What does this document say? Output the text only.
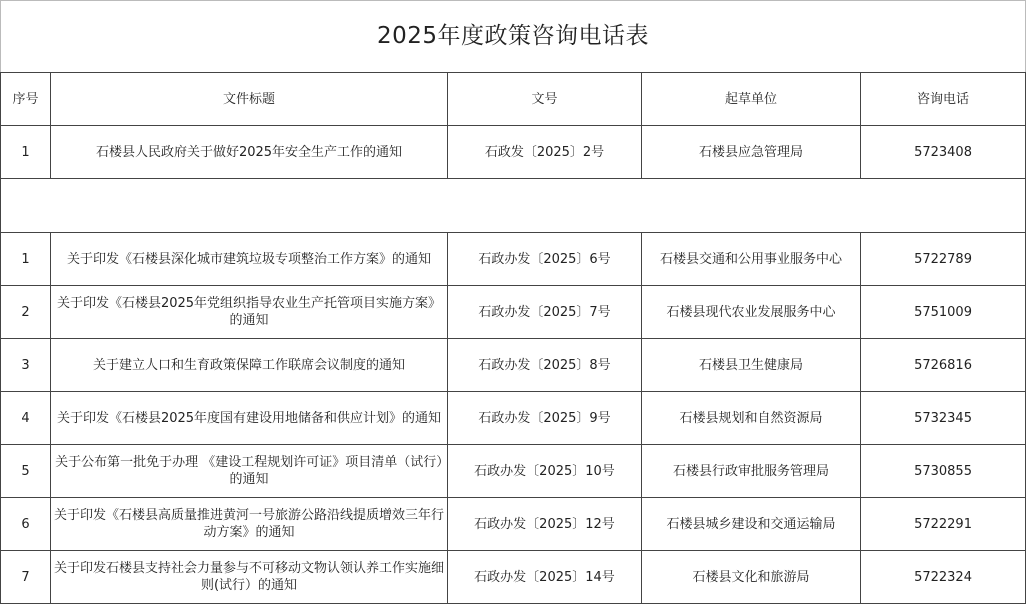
2025年度政策咨询电话表				
序号	文件标题	文号	起草单位	咨询电话
1	石楼县人民政府关于做好2025年安全生产工作的通知	石政发〔2025〕2号	石楼县应急管理局	5723408

1	关于印发《石楼县深化城市建筑垃圾专项整治工作方案》的通知	石政办发〔2025〕6号	石楼县交通和公用事业服务中心	5722789
2	关于印发《石楼县2025年党组织指导农业生产托管项目实施方案》的通知	石政办发〔2025〕7号	石楼县现代农业发展服务中心	5751009
3	关于建立人口和生育政策保障工作联席会议制度的通知	石政办发〔2025〕8号	石楼县卫生健康局	5726816
4	关于印发《石楼县2025年度国有建设用地储备和供应计划》的通知	石政办发〔2025〕9号	石楼县规划和自然资源局	5732345
5	关于公布第一批免于办理 《建设工程规划许可证》项目清单（试行）的通知	石政办发〔2025〕10号	石楼县行政审批服务管理局	5730855
6	关于印发《石楼县高质量推进黄河一号旅游公路沿线提质增效三年行动方案》的通知	石政办发〔2025〕12号	石楼县城乡建设和交通运输局	5722291
7	关于印发石楼县支持社会力量参与不可移动文物认领认养工作实施细则(试行）的通知	石政办发〔2025〕14号	石楼县文化和旅游局	5722324
